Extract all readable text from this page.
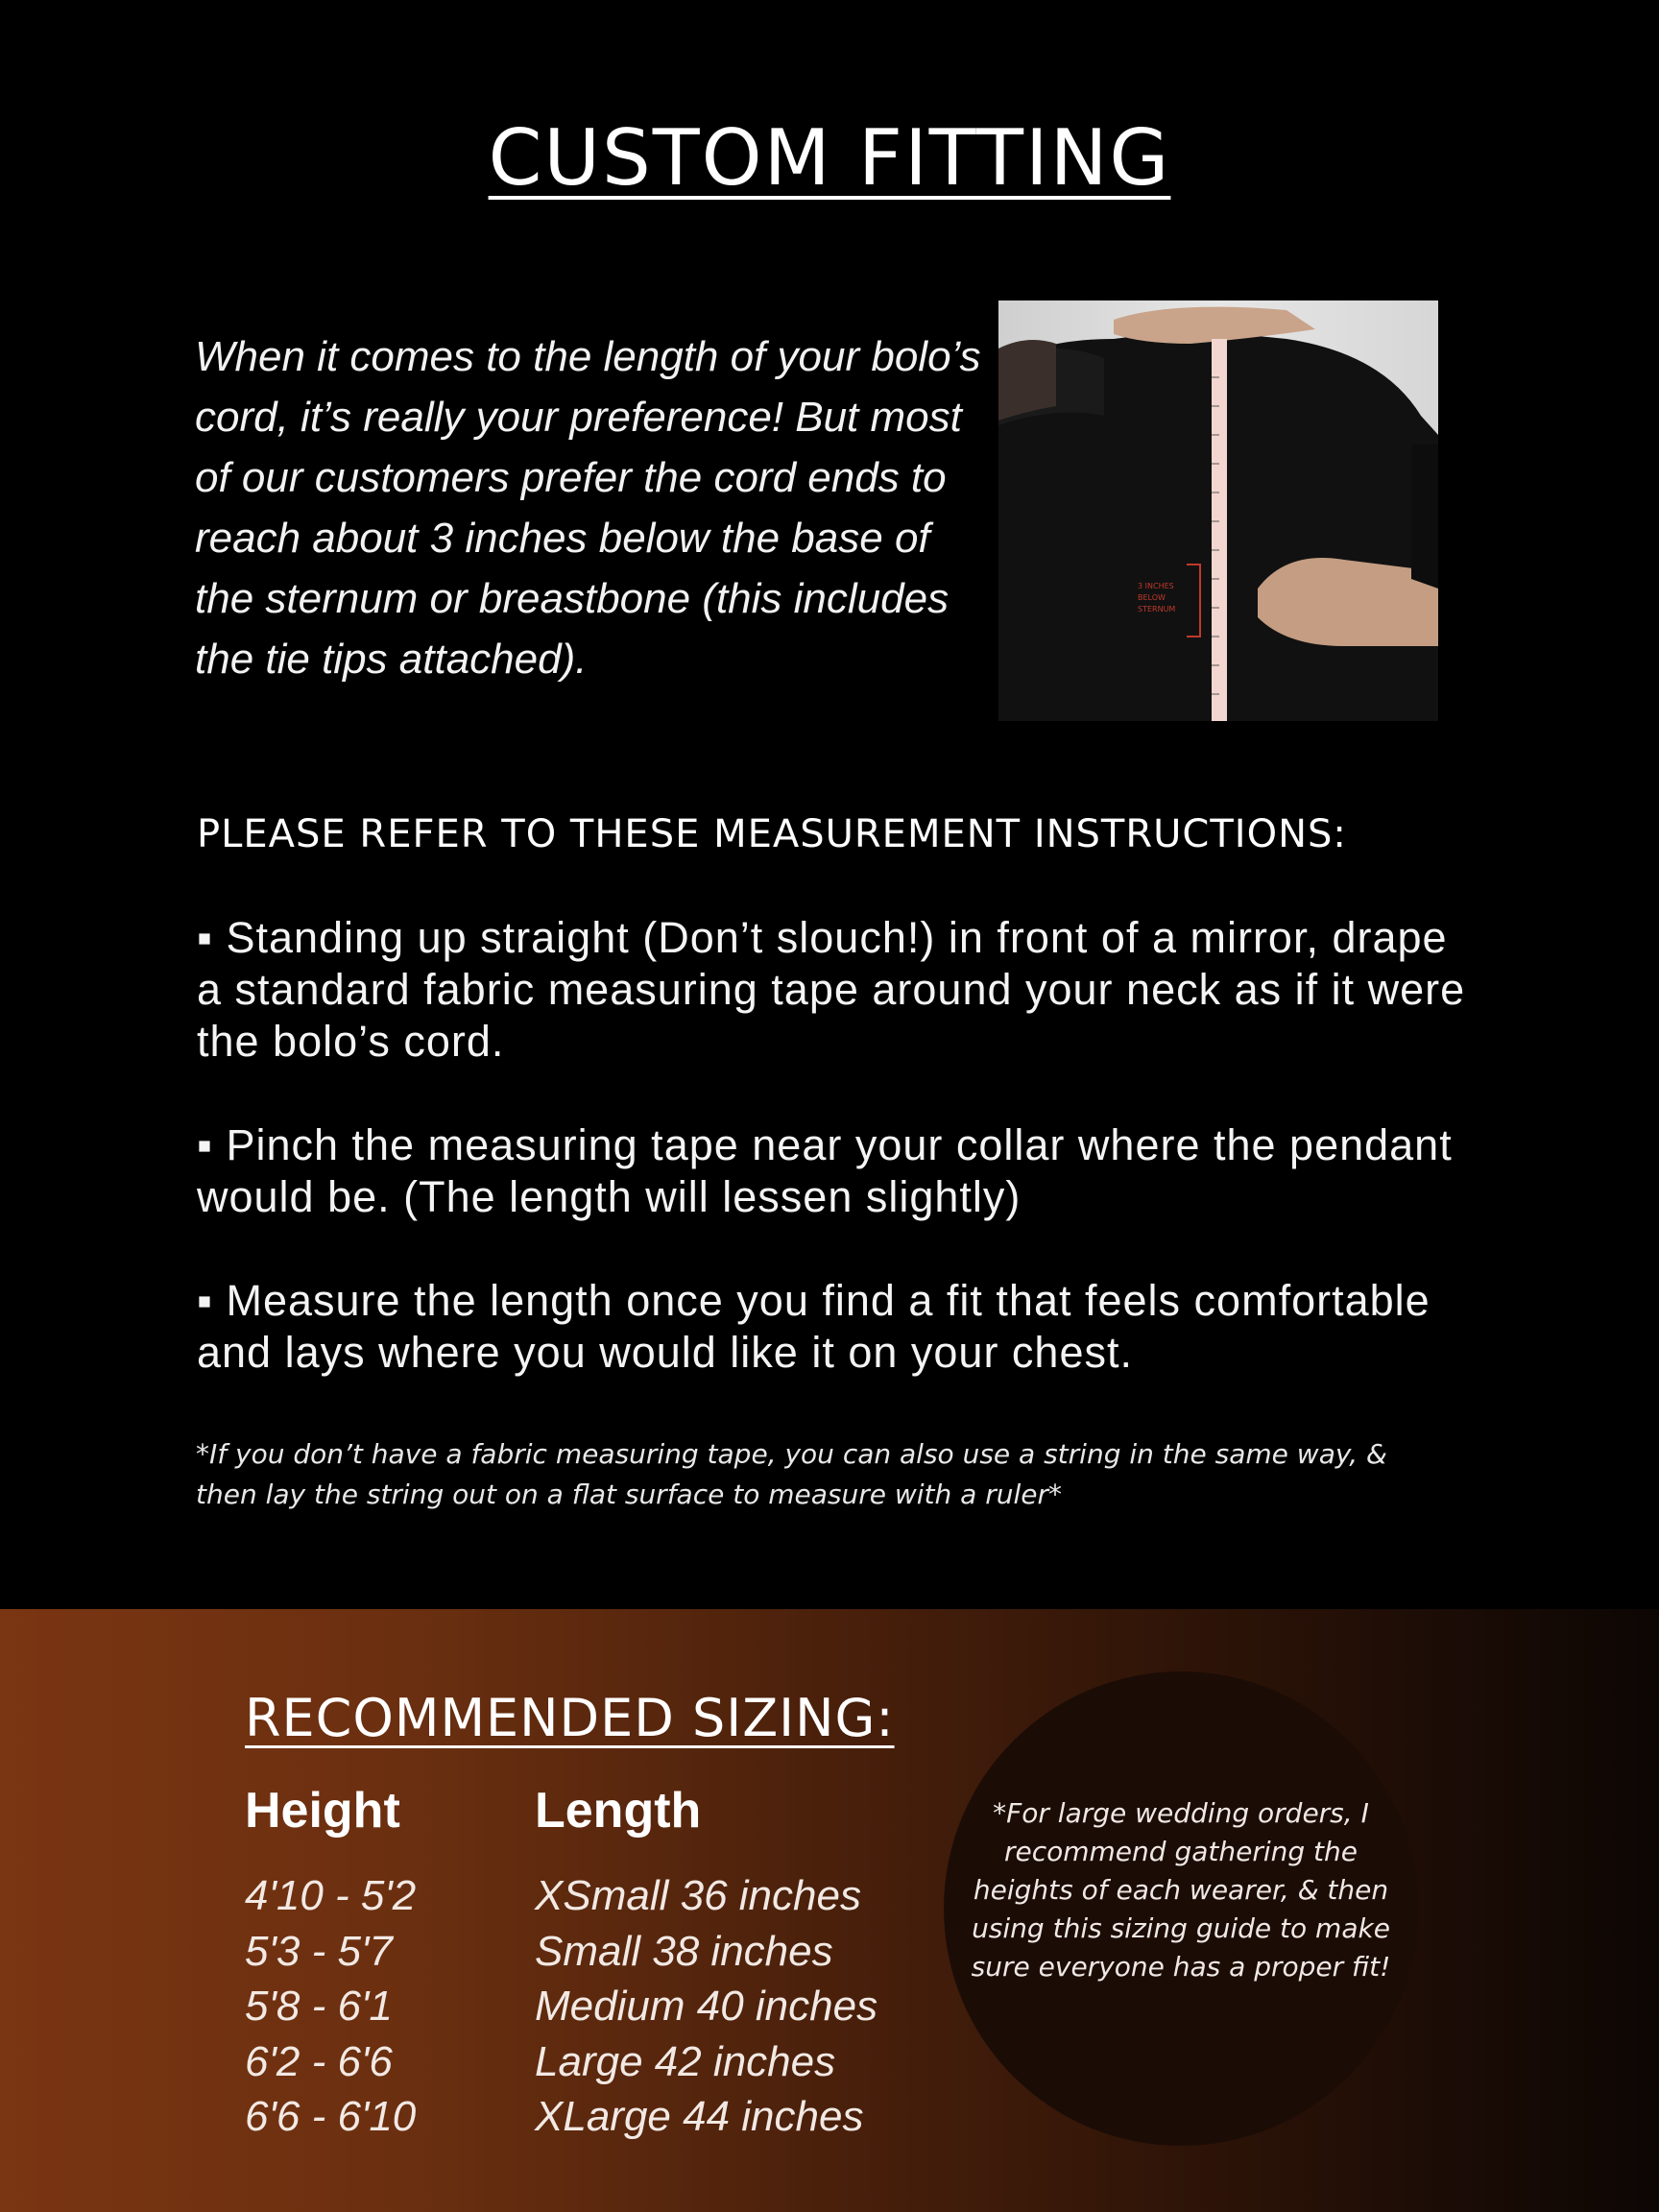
CUSTOM FITTING
When it comes to the length of your bolo’s cord, it’s really your preference! But most of our customers prefer the cord ends to reach about 3 inches below the base of the sternum or breastbone (this includes the tie tips attached).
3 INCHES
BELOW
STERNUM
PLEASE REFER TO THESE MEASUREMENT INSTRUCTIONS:
▪ Standing up straight (Don’t slouch!) in front of a mirror, drape a standard fabric measuring tape around your neck as if it were the bolo’s cord.
▪ Pinch the measuring tape near your collar where the pendant would be. (The length will lessen slightly)
▪ Measure the length once you find a fit that feels comfortable and lays where you would like it on your chest.
*If you don’t have a fabric measuring tape, you can also use a string in the same way, & then lay the string out on a flat surface to measure with a ruler*
RECOMMENDED SIZING:
Height	Length
4'10 - 5'2
5'3 - 5'7
5'8 - 6'1
6'2 - 6'6
6'6 - 6'10
XSmall 36 inches
Small 38 inches
Medium 40 inches
Large 42 inches
XLarge 44 inches
*For large wedding orders, I recommend gathering the heights of each wearer, & then using this sizing guide to make sure everyone has a proper fit!
